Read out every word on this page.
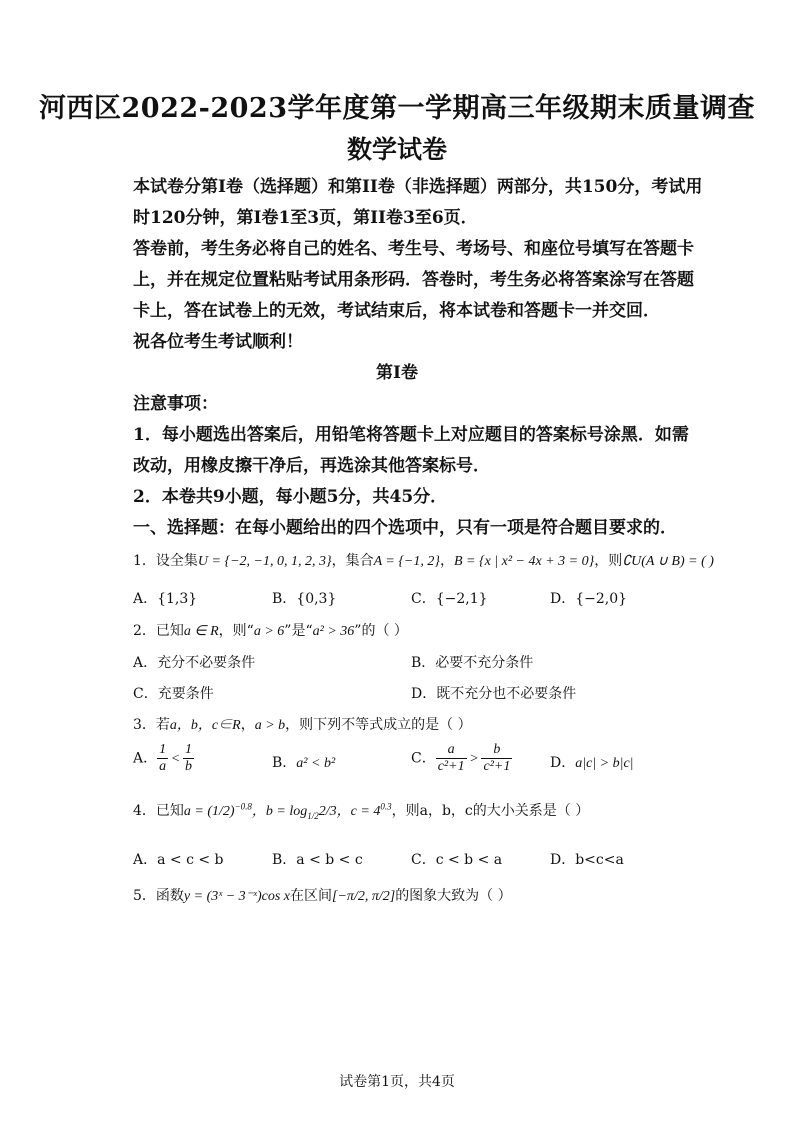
河西区2022-2023学年度第一学期高三年级期末质量调查
数学试卷
本试卷分第I卷（选择题）和第II卷（非选择题）两部分，共150分，考试用
时120分钟，第I卷1至3页，第II卷3至6页．
答卷前，考生务必将自己的姓名、考生号、考场号、和座位号填写在答题卡
上，并在规定位置粘贴考试用条形码．答卷时，考生务必将答案涂写在答题
卡上，答在试卷上的无效，考试结束后，将本试卷和答题卡一并交回．
祝各位考生考试顺利！
第I卷
注意事项：
1．每小题选出答案后，用铅笔将答题卡上对应题目的答案标号涂黑．如需
改动，用橡皮擦干净后，再选涂其他答案标号．
2．本卷共9小题，每小题5分，共45分．
一、选择题：在每小题给出的四个选项中，只有一项是符合题目要求的．
1．设全集U = {−2, −1, 0, 1, 2, 3}，集合A = {−1, 2}，B = {x | x² − 4x + 3 = 0}，则∁U(A ∪ B) = ( )
A．{1,3}	B．{0,3}	C．{−2,1}	D．{−2,0}
2．已知a ∈ R，则“a > 6”是“a² > 36”的（ ）
A．充分不必要条件	B．必要不充分条件
C．充要条件	D．既不充分也不必要条件
3．若a，b，c∈R，a > b，则下列不等式成立的是（ ）
A． $\frac{1}{a} < \frac{1}{b}$	B．a² < b²	C． $\frac{a}{\text{c²+1}} > \frac{b}{\text{c²+1}}$	D．a|c| > b|c|
4．已知$a = (1/2)^{-0.8}$，$b = \log_{1/2}2/3$，$c = 4^{0.3}$，则a，b，c的大小关系是（ ）
A．a < c < b	B．a < b < c	C．c < b < a	D．b<c<a
5．函数y = (3ˣ − 3⁻ˣ)cos x在区间[−π/2, π/2]的图象大致为（ ）
试卷第1页，共4页
